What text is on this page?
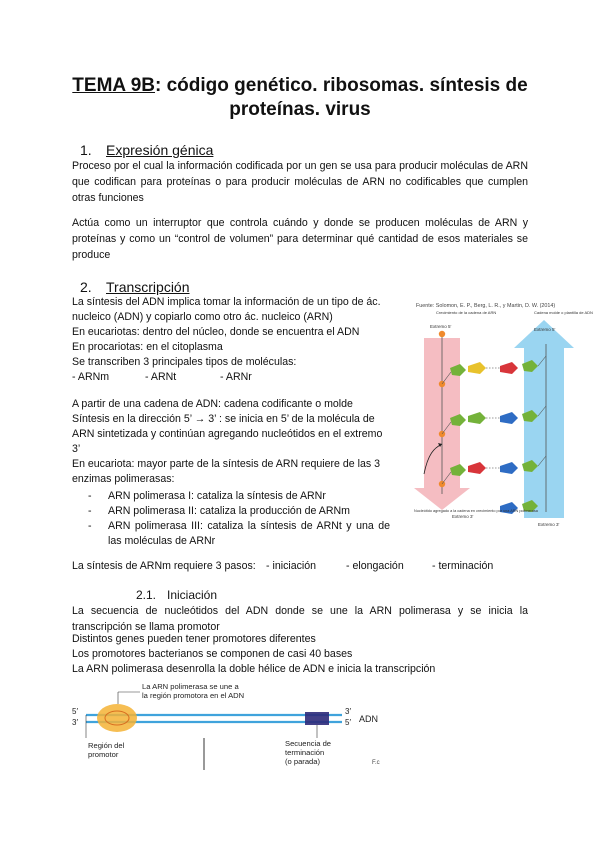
TEMA 9B: código genético. ribosomas. síntesis de proteínas. virus
1. Expresión génica
Proceso por el cual la información codificada por un gen se usa para producir moléculas de ARN que codifican para proteínas o para producir moléculas de ARN no codificables que cumplen otras funciones
Actúa como un interruptor que controla cuándo y donde se producen moléculas de ARN y proteínas y como un “control de volumen” para determinar qué cantidad de esos materiales se produce
2. Transcripción
La síntesis del ADN implica tomar la información de un tipo de ác.
nucleico (ADN) y copiarlo como otro ác. nucleico (ARN)
En eucariotas: dentro del núcleo, donde se encuentra el ADN
En procariotas: en el citoplasma
Se transcriben 3 principales tipos de moléculas:
- ARNm	- ARNt	- ARNr
A partir de una cadena de ADN: cadena codificante o molde
Síntesis en la dirección 5’ → 3’ : se inicia en 5’ de la molécula de
ARN sintetizada y continúan agregando nucleótidos en el extremo
3’
En eucariota: mayor parte de la síntesis de ARN requiere de las 3
enzimas polimerasas:
- ARN polimerasa I: cataliza la síntesis de ARNr
- ARN polimerasa II: cataliza la producción de ARNm
- ARN polimerasa III: cataliza la síntesis de ARNt y una de las moléculas de ARNr
La síntesis de ARNm requiere 3 pasos: - iniciación	- elongación	- terminación
2.1. Iniciación
La secuencia de nucleótidos del ADN donde se une la ARN polimerasa y se inicia la transcripción se llama promotor
Distintos genes pueden tener promotores diferentes
Los promotores bacterianos se componen de casi 40 bases
La ARN polimerasa desenrolla la doble hélice de ADN e inicia la transcripción
Fuente: Solomon, E. P., Berg, L. R., y Martin, D. W. (2014)
Crecimiento de la cadena de ARN	Cadena molde o plantilla de ADN
Extremo 5′
Extremo 5′
Nucleótido agregado a la cadena en crecimiento por una ARN polimerasa
Extremo 3′
Extremo 3′
La ARN polimerasa se une a
la región promotora en el ADN
5′
3′
3′
5′ ADN
Región del
promotor
Secuencia de
terminación
(o parada)	F.c
